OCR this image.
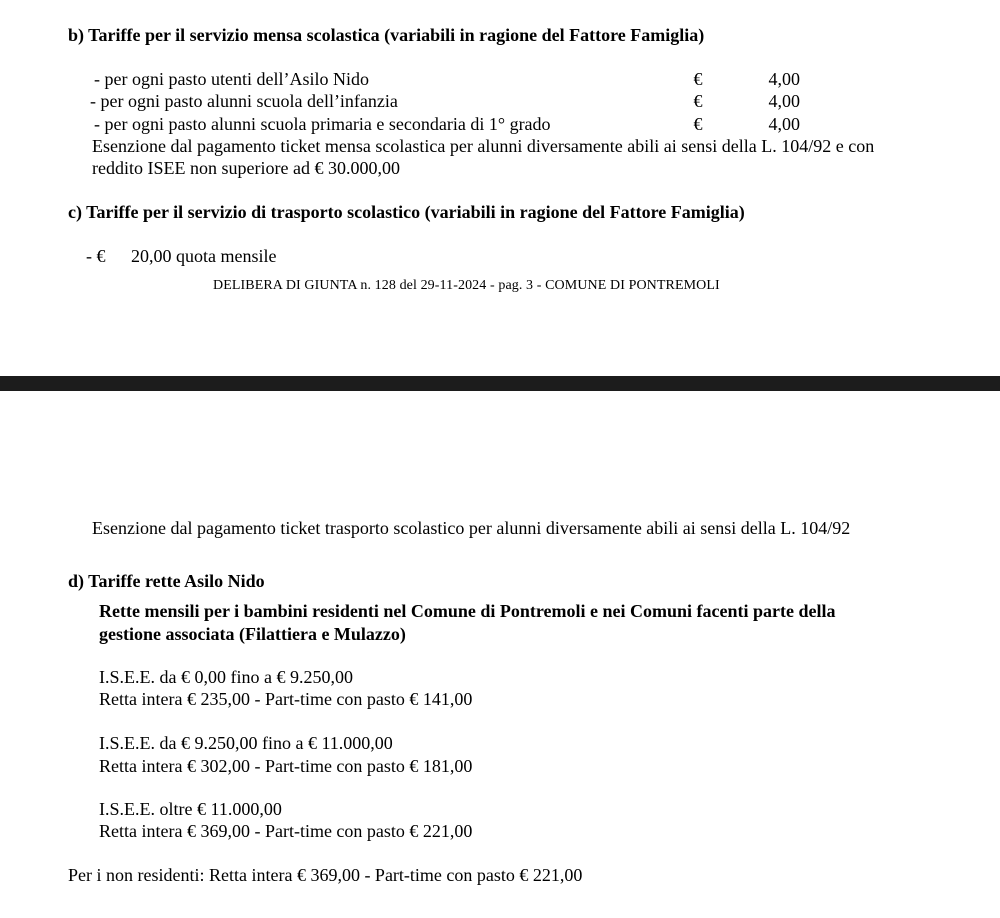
b) Tariffe per il servizio mensa scolastica (variabili in ragione del Fattore Famiglia)
- per ogni pasto utenti dell’Asilo Nido	€	4,00
- per ogni pasto alunni scuola dell’infanzia	€	4,00
- per ogni pasto alunni scuola primaria e secondaria di 1° grado	€	4,00
Esenzione dal pagamento ticket mensa scolastica per alunni diversamente abili ai sensi della L. 104/92 e con
reddito ISEE non superiore ad € 30.000,00
c) Tariffe per il servizio di trasporto scolastico (variabili in ragione del Fattore Famiglia)
- € 20,00 quota mensile
DELIBERA DI GIUNTA n. 128 del 29-11-2024 - pag. 3 - COMUNE DI PONTREMOLI
Esenzione dal pagamento ticket trasporto scolastico per alunni diversamente abili ai sensi della L. 104/92
d) Tariffe rette Asilo Nido
Rette mensili per i bambini residenti nel Comune di Pontremoli e nei Comuni facenti parte della
gestione associata (Filattiera e Mulazzo)
I.S.E.E. da € 0,00 fino a € 9.250,00
Retta intera € 235,00 - Part-time con pasto € 141,00
I.S.E.E. da € 9.250,00 fino a € 11.000,00
Retta intera € 302,00 - Part-time con pasto € 181,00
I.S.E.E. oltre € 11.000,00
Retta intera € 369,00 - Part-time con pasto € 221,00
Per i non residenti: Retta intera € 369,00 - Part-time con pasto € 221,00
